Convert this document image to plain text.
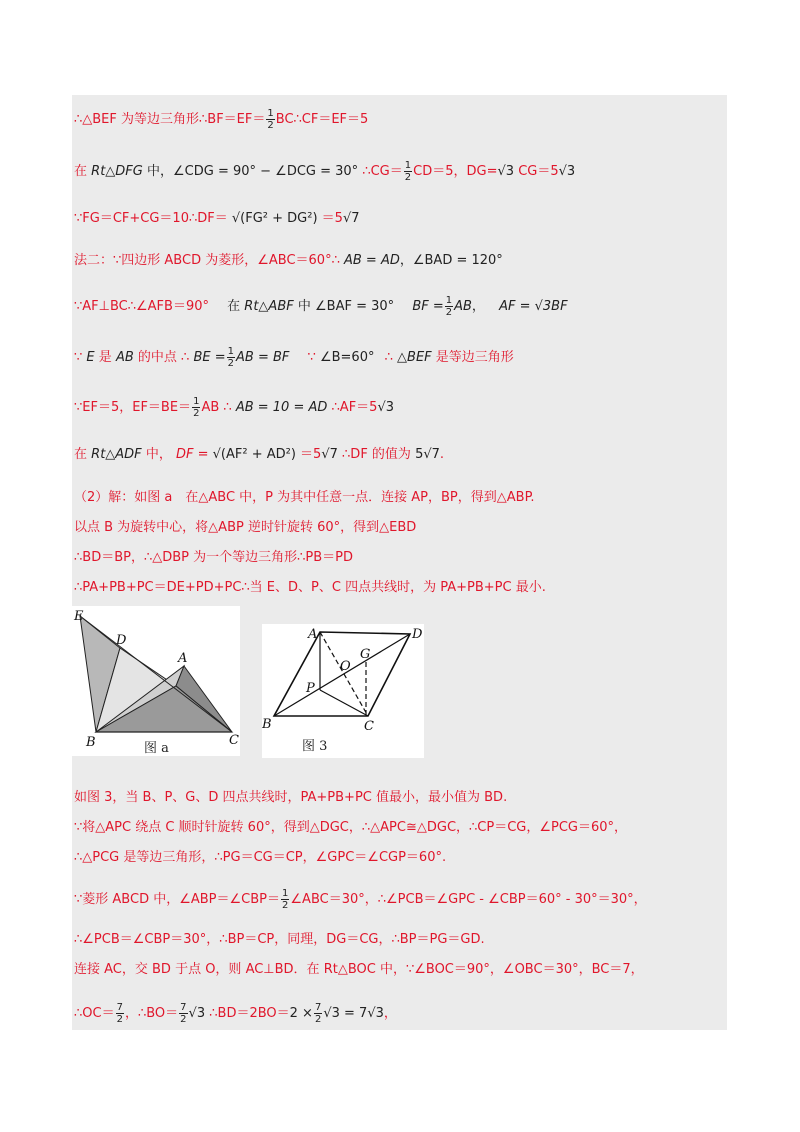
∴△BEF 为等边三角形∴BF＝EF＝ $\frac{1}{2}$ BC∴CF＝EF＝5
在 Rt△DFG 中，∠CDG = 90° − ∠DCG = 30° ∴CG＝ $\frac{1}{2} CD=5$，DG=√3 CG＝5√3
∵FG＝CF+CG＝10∴DF＝ √(FG² + DG²) ＝5√7
法二：∵四边形 ABCD 为菱形，∠ABC＝60°∴ AB = AD，∠BAD = 120°
∵AF⊥BC∴∠AFB＝90° 在 Rt△ABF 中 ∠BAF = 30° BF = $\frac{1}{2}$ AB， AF = √3BF
∵ E 是 AB 的中点 ∴ BE = $\frac{1}{2}$ AB = BF ∵ ∠B=60° ∴ △BEF 是等边三角形
∵EF＝5，$EF=BE= \frac{1}{2}$ AB ∴ AB = 10 = AD ∴AF＝5√3
在 Rt△ADF 中， DF = √(AF² + AD²) ＝5√7 ∴DF 的值为 5√7.
（2）解：如图 a　在△ABC 中，P 为其中任意一点．连接 AP，BP，得到△ABP.
以点 B 为旋转中心，将△ABP 逆时针旋转 60°，得到△EBD
∴BD＝BP，∴△DBP 为一个等边三角形∴PB＝PD
∴PA+PB+PC＝DE+PD+PC∴当 E、D、P、C 四点共线时，为 PA+PB+PC 最小.
E
D
A
B	C
图 a
A	D
O
G
P
B	C
图 3
如图 3，当 B、P、G、D 四点共线时，PA+PB+PC 值最小，最小值为 BD.
∵将△APC 绕点 C 顺时针旋转 60°，得到△DGC，∴△APC≅△DGC，∴CP＝CG，∠PCG＝60°，
∴△PCG 是等边三角形，∴PG＝CG＝CP，∠GPC＝∠CGP＝60°.
∵菱形 ABCD 中，∠ABP＝∠CBP＝ $\frac{1}{2}$ ∠ABC＝30°，∴∠PCB＝∠GPC - ∠CBP＝60° - 30°＝30°，
∴∠PCB＝∠CBP＝30°，∴BP＝CP，同理，DG＝CG，∴BP＝PG＝GD.
连接 AC，交 BD 于点 O，则 AC⊥BD．在 Rt△BOC 中，∵∠BOC＝90°，∠OBC＝30°，BC＝7，
∴OC＝ $\frac{7}{2}$ ，∴BO＝ $\frac{7}{2} √3$ ∴BD＝2BO＝2 × $\frac{7}{2} √3 = 7√3$，
